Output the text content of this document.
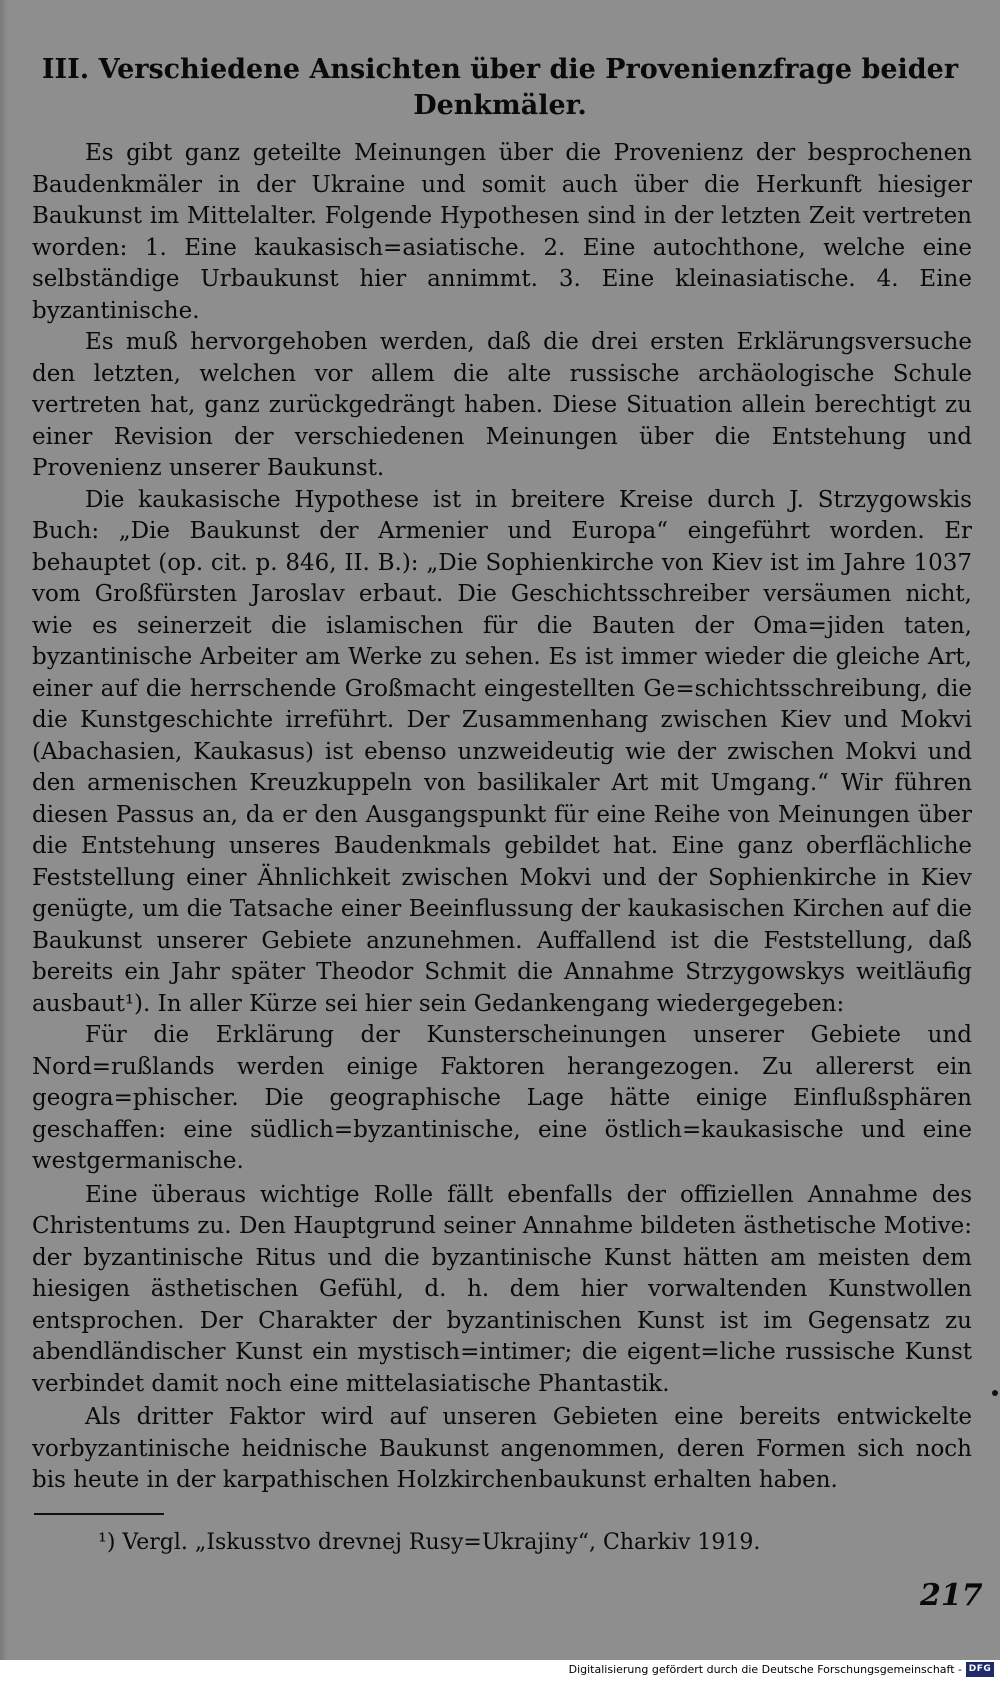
III. Verschiedene Ansichten über die Provenienzfrage beider
Denkmäler.

Es gibt ganz geteilte Meinungen über die Provenienz der besprochenen Baudenkmäler in der Ukraine und somit auch über die Herkunft hiesiger Baukunst im Mittelalter. Folgende Hypothesen sind in der letzten Zeit vertreten worden: 1. Eine kaukasisch=asiatische. 2. Eine autochthone, welche eine selbständige Urbaukunst hier annimmt. 3. Eine kleinasiatische. 4. Eine byzantinische.

Es muß hervorgehoben werden, daß die drei ersten Erklärungsversuche den letzten, welchen vor allem die alte russische archäologische Schule vertreten hat, ganz zurückgedrängt haben. Diese Situation allein berechtigt zu einer Revision der verschiedenen Meinungen über die Entstehung und Provenienz unserer Baukunst.

Die kaukasische Hypothese ist in breitere Kreise durch J. Strzygowskis Buch: „Die Baukunst der Armenier und Europa“ eingeführt worden. Er behauptet (op. cit. p. 846, II. B.): „Die Sophienkirche von Kiev ist im Jahre 1037 vom Großfürsten Jaroslav erbaut. Die Geschichtsschreiber versäumen nicht, wie es seinerzeit die islamischen für die Bauten der Oma=jiden taten, byzantinische Arbeiter am Werke zu sehen. Es ist immer wieder die gleiche Art, einer auf die herrschende Großmacht eingestellten Ge=schichtsschreibung, die die Kunstgeschichte irreführt. Der Zusammenhang zwischen Kiev und Mokvi (Abachasien, Kaukasus) ist ebenso unzweideutig wie der zwischen Mokvi und den armenischen Kreuzkuppeln von basilikaler Art mit Umgang.“ Wir führen diesen Passus an, da er den Ausgangspunkt für eine Reihe von Meinungen über die Entstehung unseres Baudenkmals gebildet hat. Eine ganz oberflächliche Feststellung einer Ähnlichkeit zwischen Mokvi und der Sophienkirche in Kiev genügte, um die Tatsache einer Beeinflussung der kaukasischen Kirchen auf die Baukunst unserer Gebiete anzunehmen. Auffallend ist die Feststellung, daß bereits ein Jahr später Theodor Schmit die Annahme Strzygowskys weitläufig ausbaut¹). In aller Kürze sei hier sein Gedankengang wiedergegeben:

Für die Erklärung der Kunsterscheinungen unserer Gebiete und Nord=rußlands werden einige Faktoren herangezogen. Zu allererst ein geogra=phischer. Die geographische Lage hätte einige Einflußsphären geschaffen: eine südlich=byzantinische, eine östlich=kaukasische und eine westgermanische.

Eine überaus wichtige Rolle fällt ebenfalls der offiziellen Annahme des Christentums zu. Den Hauptgrund seiner Annahme bildeten ästhetische Motive: der byzantinische Ritus und die byzantinische Kunst hätten am meisten dem hiesigen ästhetischen Gefühl, d. h. dem hier vorwaltenden Kunstwollen entsprochen. Der Charakter der byzantinischen Kunst ist im Gegensatz zu abendländischer Kunst ein mystisch=intimer; die eigent=liche russische Kunst verbindet damit noch eine mittelasiatische Phantastik.

Als dritter Faktor wird auf unseren Gebieten eine bereits entwickelte vorbyzantinische heidnische Baukunst angenommen, deren Formen sich noch bis heute in der karpathischen Holzkirchenbaukunst erhalten haben.

¹) Vergl. „Iskusstvo drevnej Rusy=Ukrajiny“, Charkiv 1919.
217
Digitalisierung gefördert durch die Deutsche Forschungsgemeinschaft - DFG
